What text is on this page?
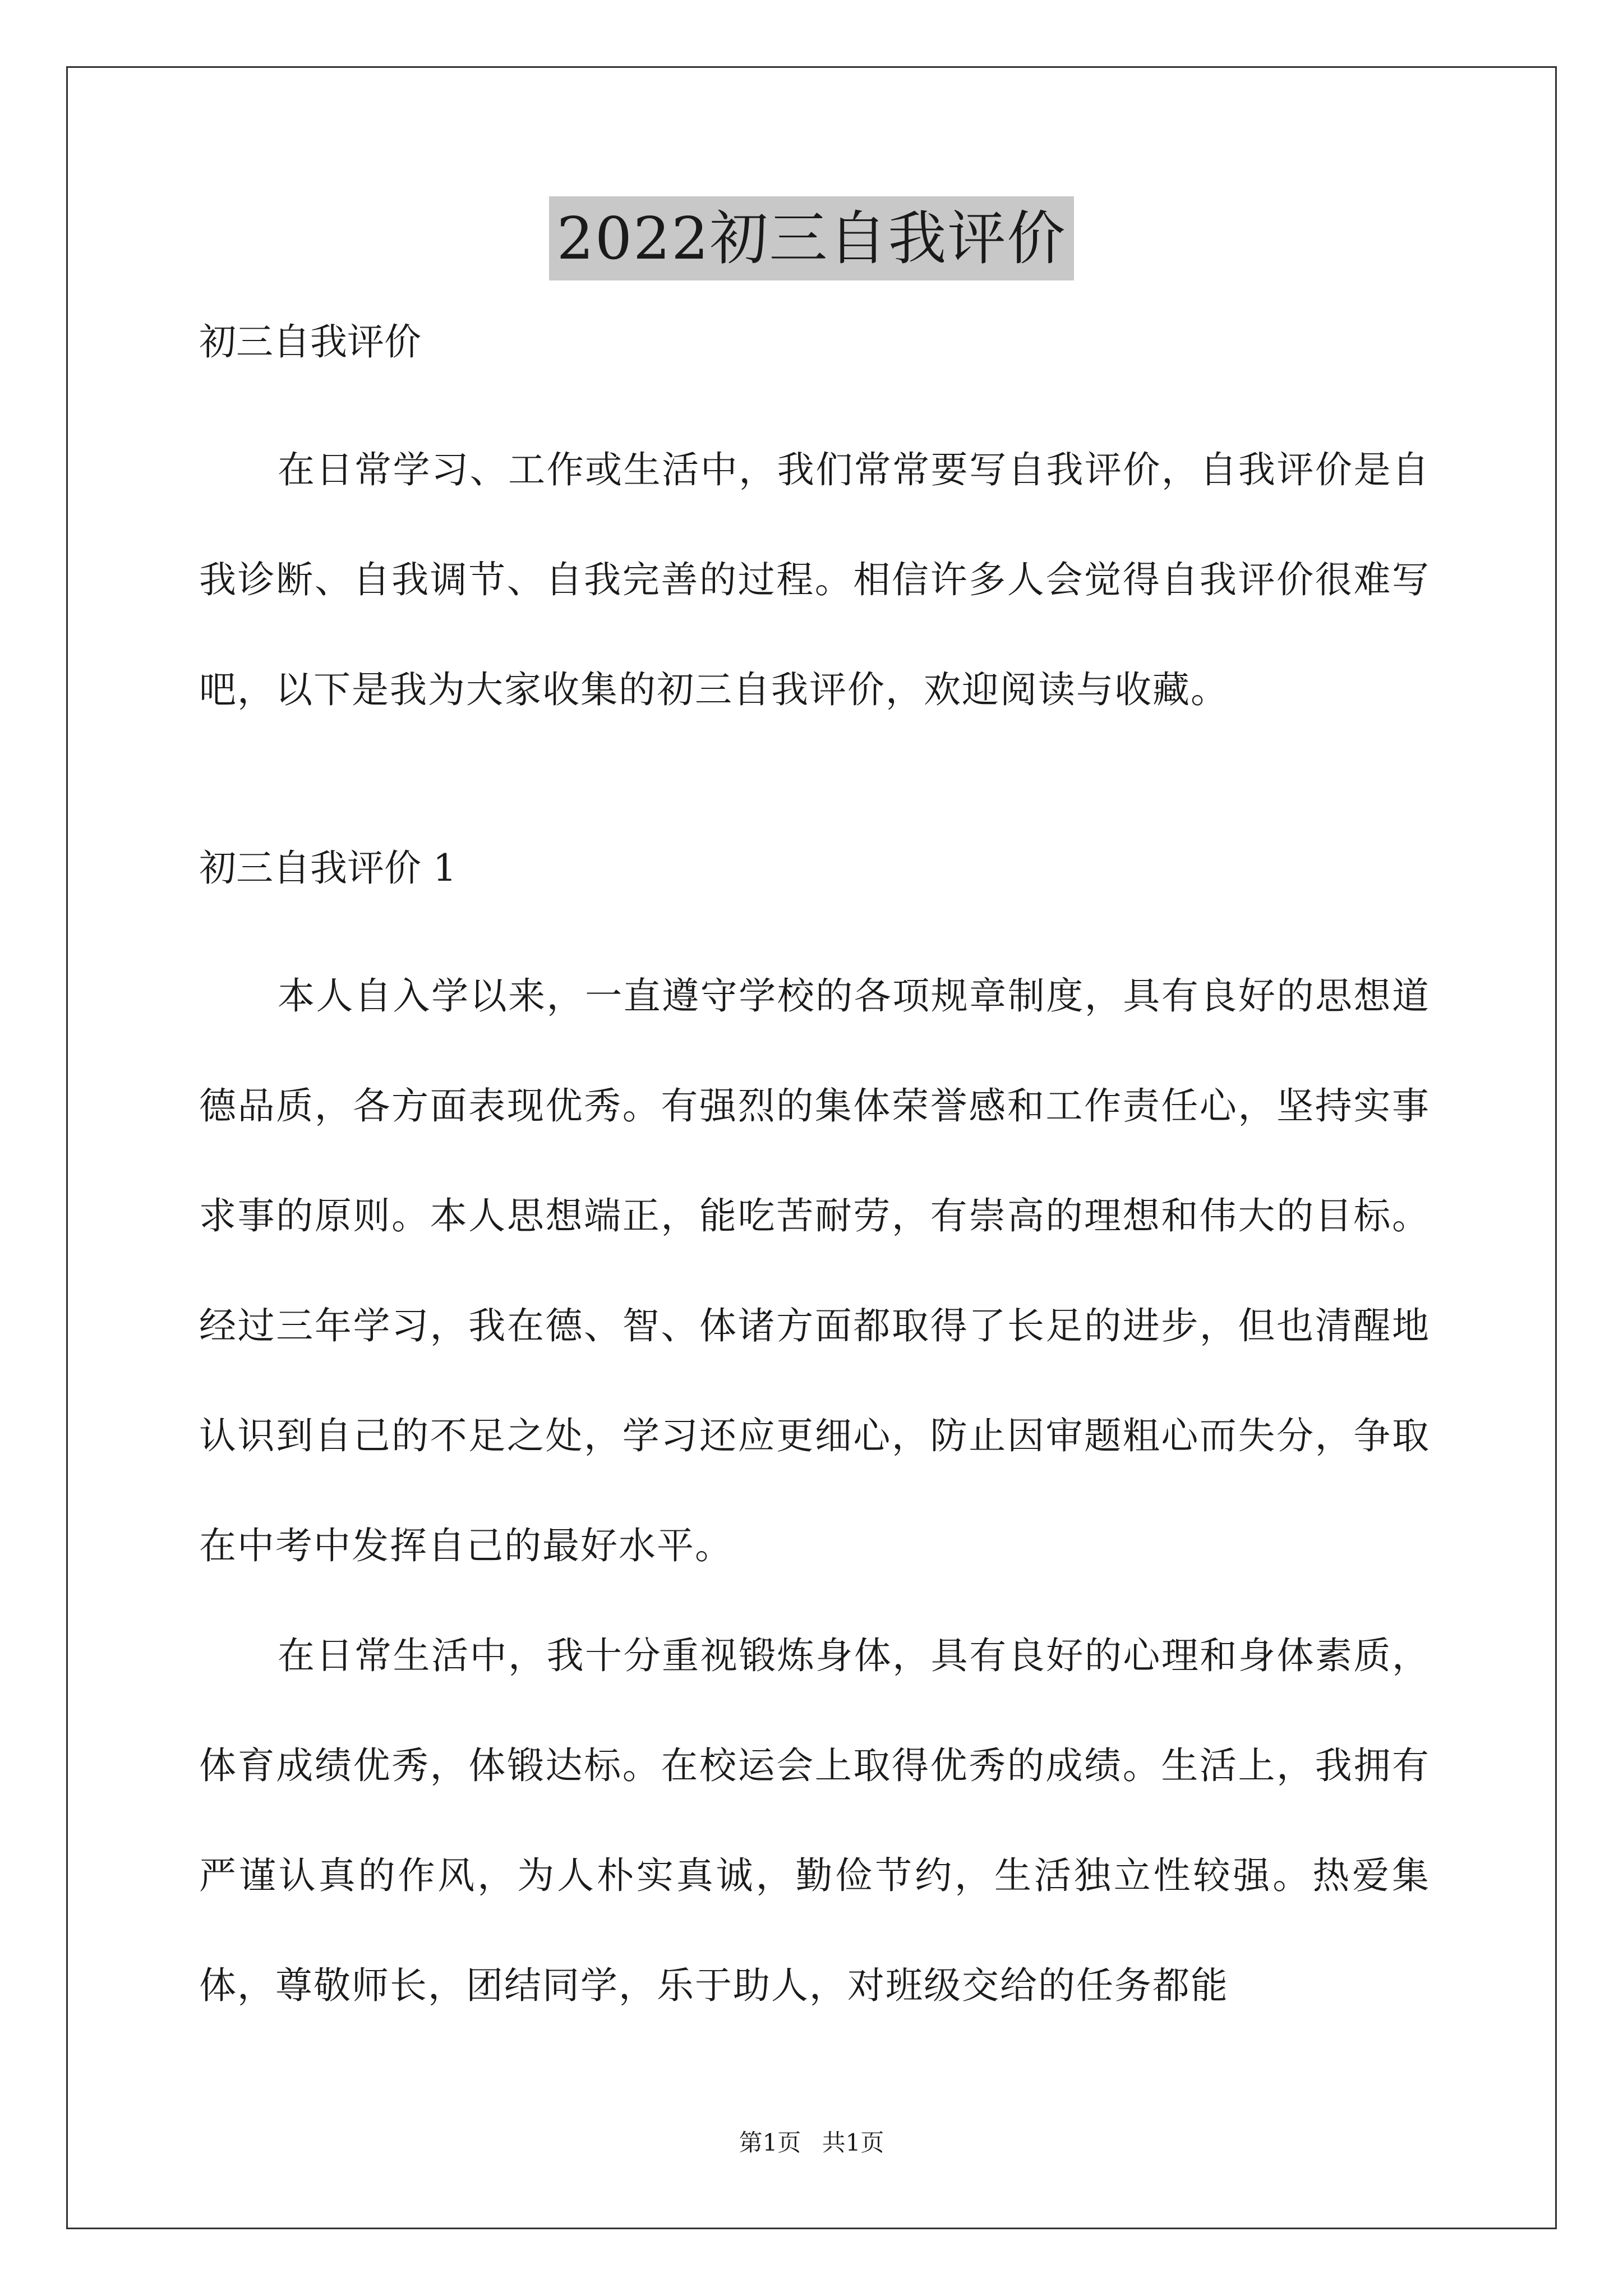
2022初三自我评价

初三自我评价

在日常学习、工作或生活中，我们常常要写自我评价，自我评价是自我诊断、自我调节、自我完善的过程。相信许多人会觉得自我评价很难写吧，以下是我为大家收集的初三自我评价，欢迎阅读与收藏。

初三自我评价 1

本人自入学以来，一直遵守学校的各项规章制度，具有良好的思想道德品质，各方面表现优秀。有强烈的集体荣誉感和工作责任心，坚持实事求事的原则。本人思想端正，能吃苦耐劳，有崇高的理想和伟大的目标。经过三年学习，我在德、智、体诸方面都取得了长足的进步，但也清醒地认识到自己的不足之处，学习还应更细心，防止因审题粗心而失分，争取在中考中发挥自己的最好水平。

在日常生活中，我十分重视锻炼身体，具有良好的心理和身体素质，体育成绩优秀，体锻达标。在校运会上取得优秀的成绩。生活上，我拥有严谨认真的作风，为人朴实真诚，勤俭节约，生活独立性较强。热爱集体，尊敬师长，团结同学，乐于助人，对班级交给的任务都能

第1页 共1页
